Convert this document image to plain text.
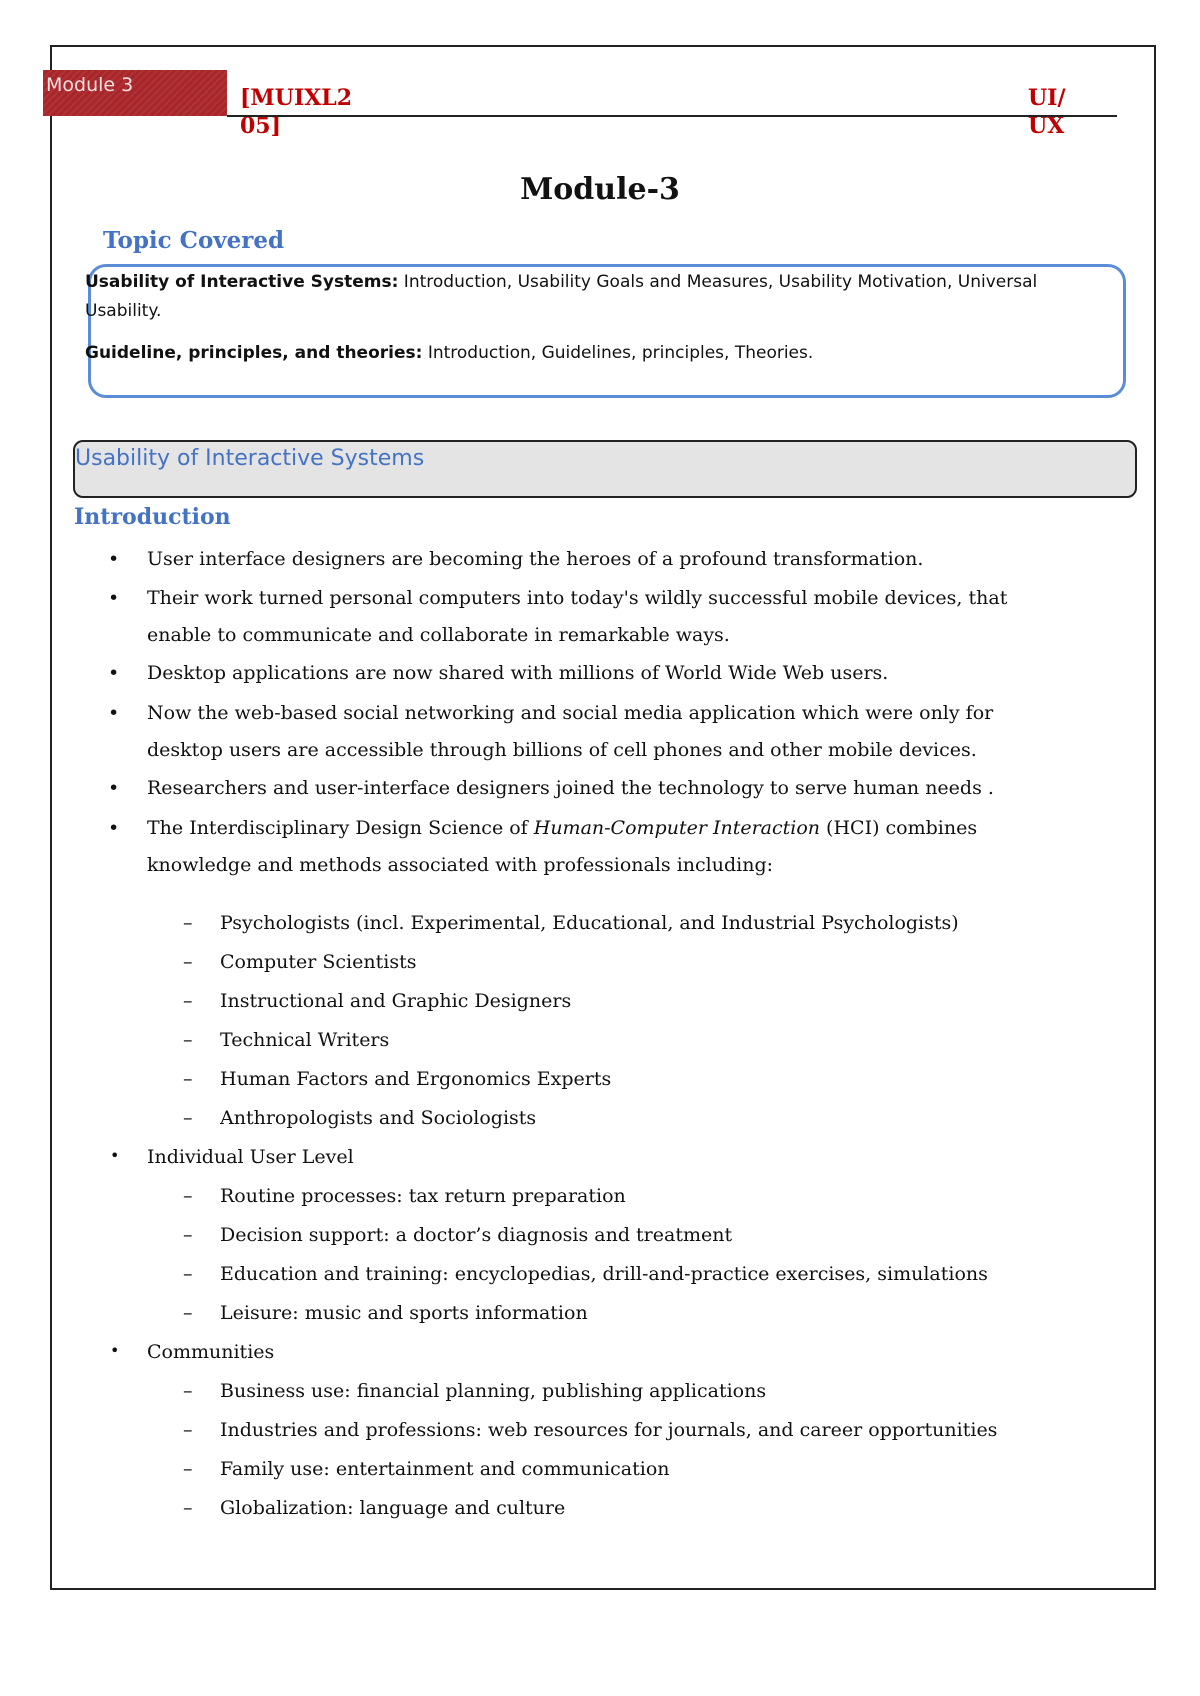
Module 3	[MUIXL2 05]
UI/ UX
Module-3
Topic Covered

Usability of Interactive Systems: Introduction, Usability Goals and Measures, Usability Motivation, Universal Usability.

Guideline, principles, and theories: Introduction, Guidelines, principles, Theories.

Usability of Interactive Systems
Introduction
• User interface designers are becoming the heroes of a profound transformation.
• Their work turned personal computers into today's wildly successful mobile devices, that
enable to communicate and collaborate in remarkable ways.
• Desktop applications are now shared with millions of World Wide Web users.
• Now the web-based social networking and social media application which were only for
desktop users are accessible through billions of cell phones and other mobile devices.
• Researchers and user-interface designers joined the technology to serve human needs .
• The Interdisciplinary Design Science of Human-Computer Interaction (HCI) combines
knowledge and methods associated with professionals including:
– Psychologists (incl. Experimental, Educational, and Industrial Psychologists)
– Computer Scientists
– Instructional and Graphic Designers
– Technical Writers
– Human Factors and Ergonomics Experts
– Anthropologists and Sociologists
• Individual User Level
– Routine processes: tax return preparation
– Decision support: a doctor’s diagnosis and treatment
– Education and training: encyclopedias, drill-and-practice exercises, simulations
– Leisure: music and sports information
• Communities
– Business use: financial planning, publishing applications
– Industries and professions: web resources for journals, and career opportunities
– Family use: entertainment and communication
– Globalization: language and culture
